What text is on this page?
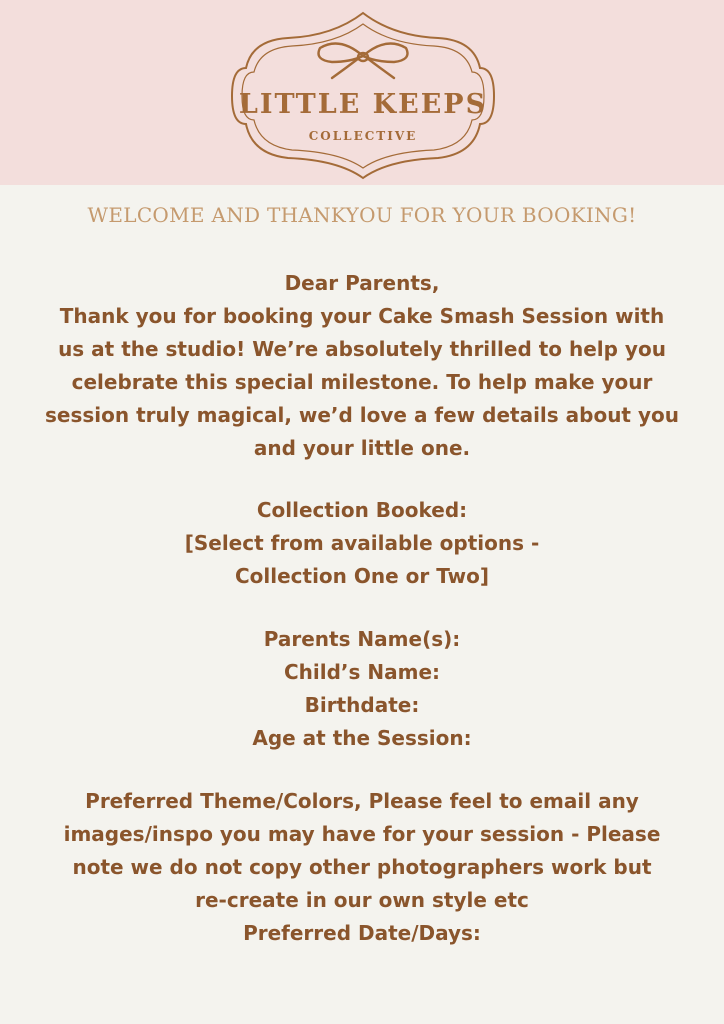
LITTLE KEEPS
COLLECTIVE
WELCOME AND THANKYOU FOR YOUR BOOKING!

Dear Parents,

Thank you for booking your Cake Smash Session with

us at the studio! We’re absolutely thrilled to help you

celebrate this special milestone. To help make your

session truly magical, we’d love a few details about you

and your little one.

Collection Booked:

[Select from available options -

Collection One or Two]

Parents Name(s):

Child’s Name:

Birthdate:

Age at the Session:

Preferred Theme/Colors, Please feel to email any

images/inspo you may have for your session - Please

note we do not copy other photographers work but

re-create in our own style etc

Preferred Date/Days:
